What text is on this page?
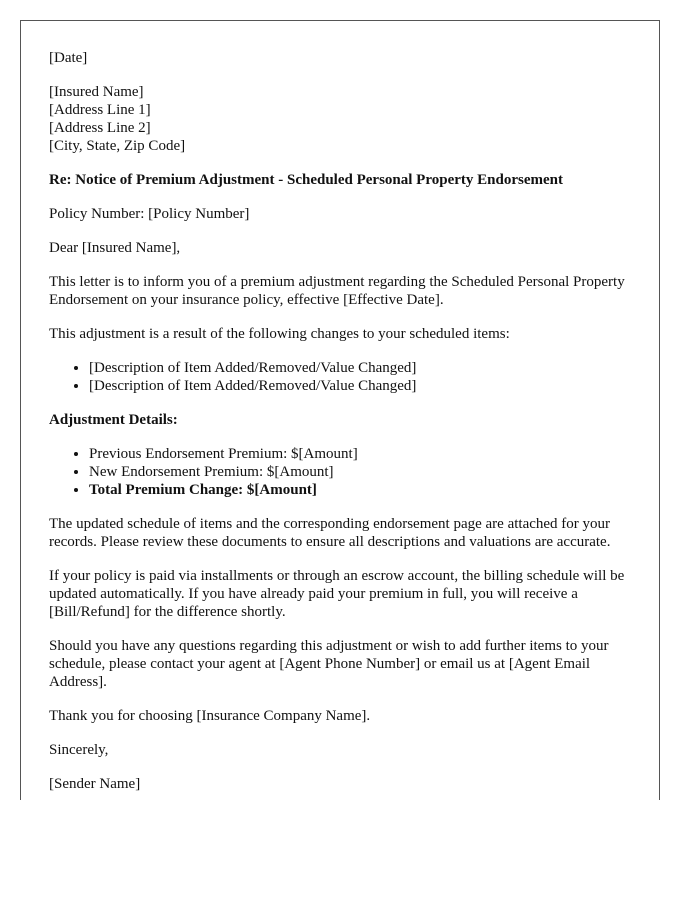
[Date]

[Insured Name]
[Address Line 1]
[Address Line 2]
[City, State, Zip Code]

Re: Notice of Premium Adjustment - Scheduled Personal Property Endorsement

Policy Number: [Policy Number]

Dear [Insured Name],

This letter is to inform you of a premium adjustment regarding the Scheduled Personal Property Endorsement on your insurance policy, effective [Effective Date].

This adjustment is a result of the following changes to your scheduled items:

• [Description of Item Added/Removed/Value Changed]
• [Description of Item Added/Removed/Value Changed]

Adjustment Details:

• Previous Endorsement Premium: $[Amount]
• New Endorsement Premium: $[Amount]
• Total Premium Change: $[Amount]

The updated schedule of items and the corresponding endorsement page are attached for your records. Please review these documents to ensure all descriptions and valuations are accurate.

If your policy is paid via installments or through an escrow account, the billing schedule will be updated automatically. If you have already paid your premium in full, you will receive a [Bill/Refund] for the difference shortly.

Should you have any questions regarding this adjustment or wish to add further items to your schedule, please contact your agent at [Agent Phone Number] or email us at [Agent Email Address].

Thank you for choosing [Insurance Company Name].

Sincerely,

[Sender Name]
